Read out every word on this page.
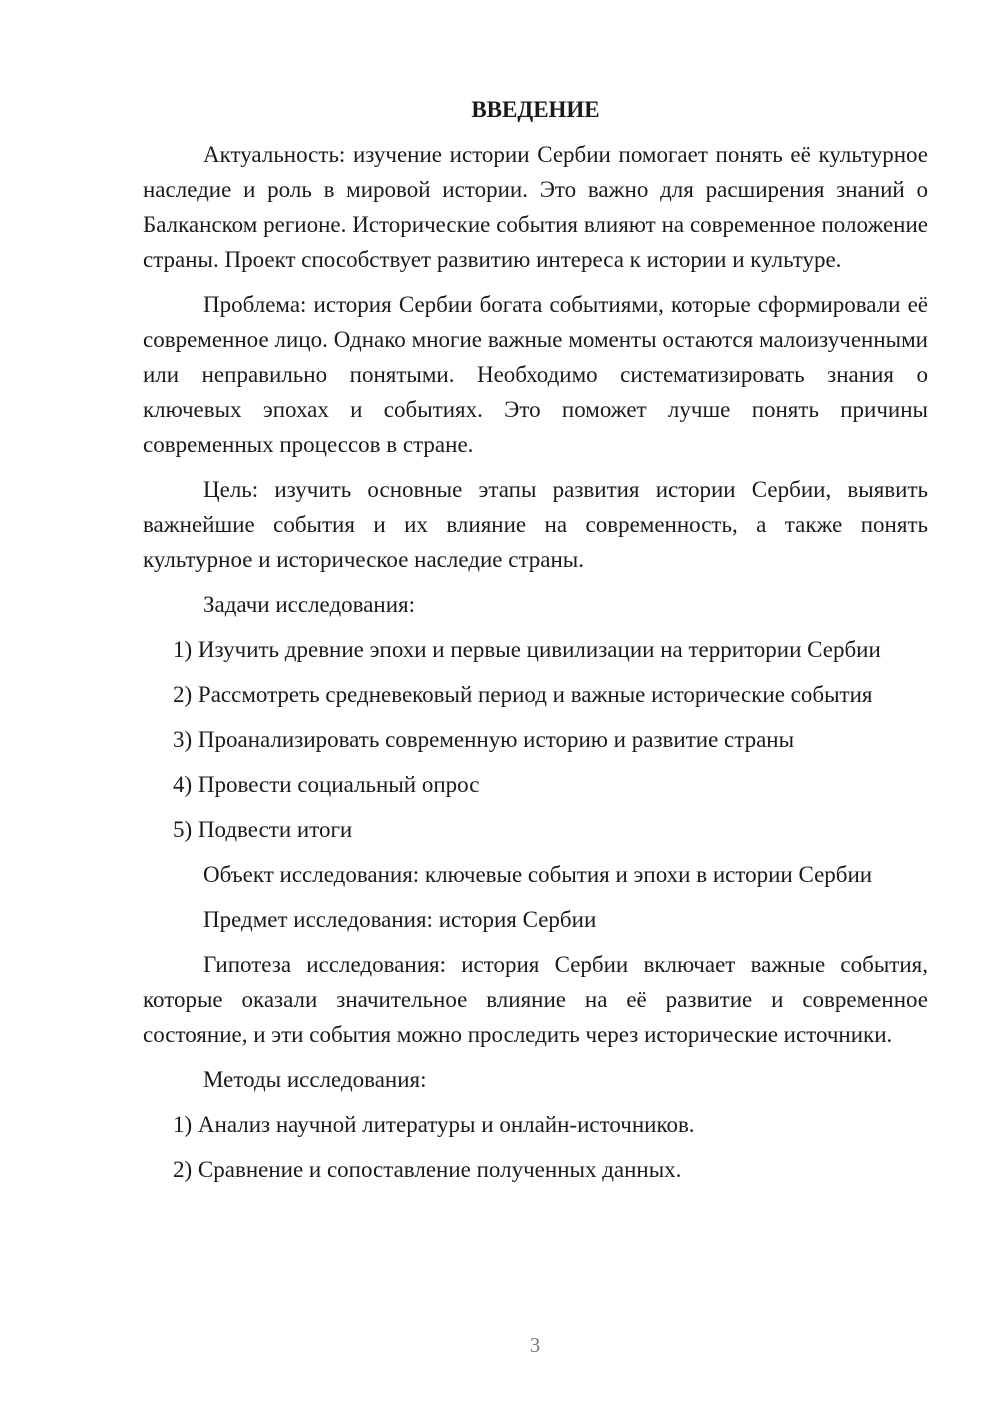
ВВЕДЕНИЕ

Актуальность: изучение истории Сербии помогает понять её культурное наследие и роль в мировой истории. Это важно для расширения знаний о Балканском регионе. Исторические события влияют на современное положение страны. Проект способствует развитию интереса к истории и культуре.

Проблема: история Сербии богата событиями, которые сформировали её современное лицо. Однако многие важные моменты остаются малоизученными или неправильно понятыми. Необходимо систематизировать знания о ключевых эпохах и событиях. Это поможет лучше понять причины современных процессов в стране.

Цель: изучить основные этапы развития истории Сербии, выявить важнейшие события и их влияние на современность, а также понять культурное и историческое наследие страны.

Задачи исследования:

1) Изучить древние эпохи и первые цивилизации на территории Сербии

2) Рассмотреть средневековый период и важные исторические события

3) Проанализировать современную историю и развитие страны

4) Провести социальный опрос

5) Подвести итоги

Объект исследования: ключевые события и эпохи в истории Сербии

Предмет исследования: история Сербии

Гипотеза исследования: история Сербии включает важные события, которые оказали значительное влияние на её развитие и современное состояние, и эти события можно проследить через исторические источники.

Методы исследования:

1) Анализ научной литературы и онлайн-источников.

2) Сравнение и сопоставление полученных данных.

3
